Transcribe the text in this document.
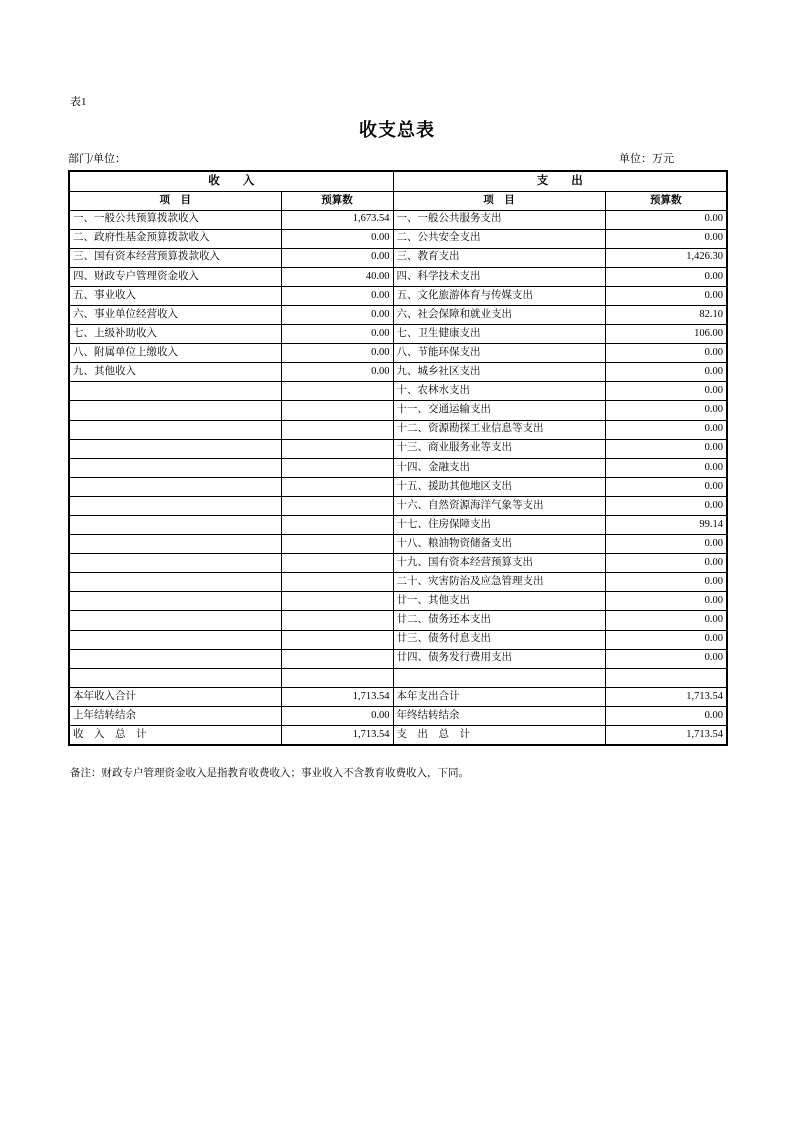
表1
收支总表
部门/单位：	单位：万元
收　　入		支　　出	
项　目	预算数	项　目	预算数
一、一般公共预算拨款收入	1,673.54	一、一般公共服务支出	0.00
二、政府性基金预算拨款收入	0.00	二、公共安全支出	0.00
三、国有资本经营预算拨款收入	0.00	三、教育支出	1,426.30
四、财政专户管理资金收入	40.00	四、科学技术支出	0.00
五、事业收入	0.00	五、文化旅游体育与传媒支出	0.00
六、事业单位经营收入	0.00	六、社会保障和就业支出	82.10
七、上级补助收入	0.00	七、卫生健康支出	106.00
八、附属单位上缴收入	0.00	八、节能环保支出	0.00
九、其他收入	0.00	九、城乡社区支出	0.00
		十、农林水支出	0.00
		十一、交通运输支出	0.00
		十二、资源勘探工业信息等支出	0.00
		十三、商业服务业等支出	0.00
		十四、金融支出	0.00
		十五、援助其他地区支出	0.00
		十六、自然资源海洋气象等支出	0.00
		十七、住房保障支出	99.14
		十八、粮油物资储备支出	0.00
		十九、国有资本经营预算支出	0.00
		二十、灾害防治及应急管理支出	0.00
		廿一、其他支出	0.00
		廿二、债务还本支出	0.00
		廿三、债务付息支出	0.00
		廿四、债务发行费用支出	0.00

本年收入合计	1,713.54	本年支出合计	1,713.54
上年结转结余	0.00	年终结转结余	0.00
收　入　总　计	1,713.54	支　出　总　计	1,713.54
备注：财政专户管理资金收入是指教育收费收入；事业收入不含教育收费收入，下同。
